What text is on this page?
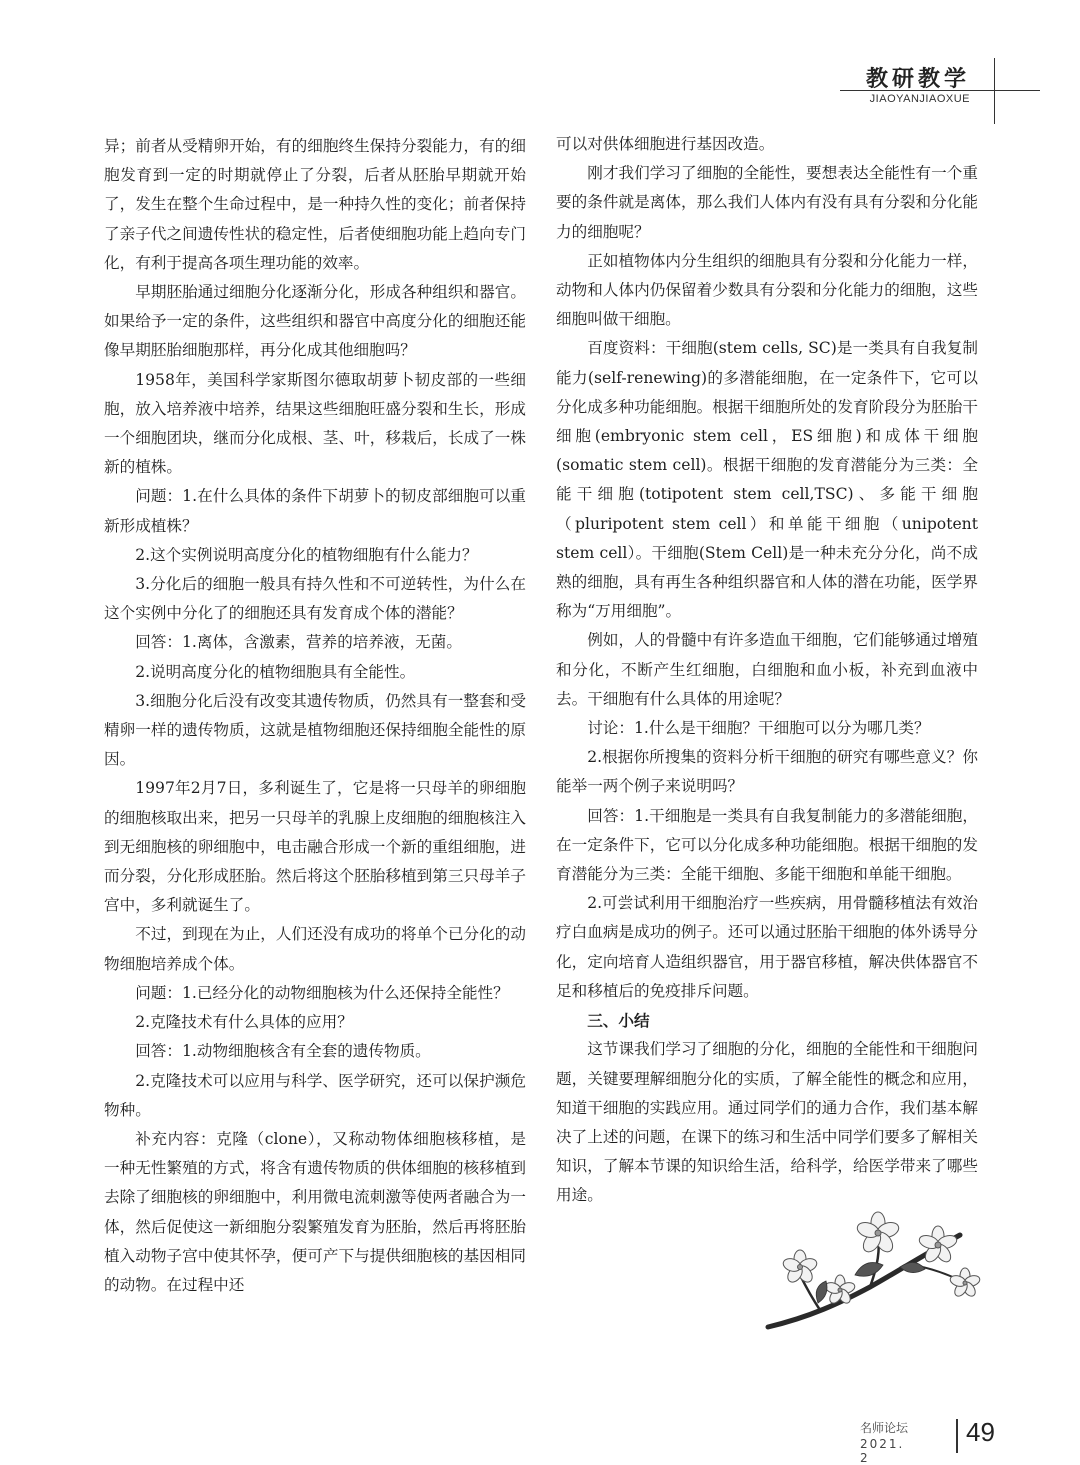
教研教学
JIAOYANJIAOXUE

异；前者从受精卵开始，有的细胞终生保持分裂能力，有的细胞发育到一定的时期就停止了分裂，后者从胚胎早期就开始了，发生在整个生命过程中，是一种持久性的变化；前者保持了亲子代之间遗传性状的稳定性，后者使细胞功能上趋向专门化，有利于提高各项生理功能的效率。

早期胚胎通过细胞分化逐渐分化，形成各种组织和器官。如果给予一定的条件，这些组织和器官中高度分化的细胞还能像早期胚胎细胞那样，再分化成其他细胞吗？

1958年，美国科学家斯图尔德取胡萝卜韧皮部的一些细胞，放入培养液中培养，结果这些细胞旺盛分裂和生长，形成一个细胞团块，继而分化成根、茎、叶，移栽后，长成了一株新的植株。

问题：1.在什么具体的条件下胡萝卜的韧皮部细胞可以重新形成植株？

2.这个实例说明高度分化的植物细胞有什么能力？

3.分化后的细胞一般具有持久性和不可逆转性，为什么在这个实例中分化了的细胞还具有发育成个体的潜能？

回答：1.离体，含激素，营养的培养液，无菌。

2.说明高度分化的植物细胞具有全能性。

3.细胞分化后没有改变其遗传物质，仍然具有一整套和受精卵一样的遗传物质，这就是植物细胞还保持细胞全能性的原因。

1997年2月7日，多利诞生了，它是将一只母羊的卵细胞的细胞核取出来，把另一只母羊的乳腺上皮细胞的细胞核注入到无细胞核的卵细胞中，电击融合形成一个新的重组细胞，进而分裂，分化形成胚胎。然后将这个胚胎移植到第三只母羊子宫中，多利就诞生了。

不过，到现在为止，人们还没有成功的将单个已分化的动物细胞培养成个体。

问题：1.已经分化的动物细胞核为什么还保持全能性？

2.克隆技术有什么具体的应用？

回答：1.动物细胞核含有全套的遗传物质。

2.克隆技术可以应用与科学、医学研究，还可以保护濒危物种。

补充内容：克隆（clone），又称动物体细胞核移植，是一种无性繁殖的方式，将含有遗传物质的供体细胞的核移植到去除了细胞核的卵细胞中，利用微电流刺激等使两者融合为一体，然后促使这一新细胞分裂繁殖发育为胚胎，然后再将胚胎植入动物子宫中使其怀孕，便可产下与提供细胞核的基因相同的动物。在过程中还

可以对供体细胞进行基因改造。

刚才我们学习了细胞的全能性，要想表达全能性有一个重要的条件就是离体，那么我们人体内有没有具有分裂和分化能力的细胞呢？

正如植物体内分生组织的细胞具有分裂和分化能力一样，动物和人体内仍保留着少数具有分裂和分化能力的细胞，这些细胞叫做干细胞。

百度资料：干细胞(stem cells, SC)是一类具有自我复制能力(self-renewing)的多潜能细胞，在一定条件下，它可以分化成多种功能细胞。根据干细胞所处的发育阶段分为胚胎干细胞(embryonic stem cell，ES细胞)和成体干细胞(somatic stem cell)。根据干细胞的发育潜能分为三类：全能干细胞(totipotent stem cell,TSC)、多能干细胞（pluripotent stem cell）和单能干细胞（unipotent stem cell）。干细胞(Stem Cell)是一种未充分分化，尚不成熟的细胞，具有再生各种组织器官和人体的潜在功能，医学界称为“万用细胞”。

例如，人的骨髓中有许多造血干细胞，它们能够通过增殖和分化，不断产生红细胞，白细胞和血小板，补充到血液中去。干细胞有什么具体的用途呢？

讨论：1.什么是干细胞？干细胞可以分为哪几类？

2.根据你所搜集的资料分析干细胞的研究有哪些意义？你能举一两个例子来说明吗？

回答：1.干细胞是一类具有自我复制能力的多潜能细胞，在一定条件下，它可以分化成多种功能细胞。根据干细胞的发育潜能分为三类：全能干细胞、多能干细胞和单能干细胞。

2.可尝试利用干细胞治疗一些疾病，用骨髓移植法有效治疗白血病是成功的例子。还可以通过胚胎干细胞的体外诱导分化，定向培育人造组织器官，用于器官移植，解决供体器官不足和移植后的免疫排斥问题。

三、小结

这节课我们学习了细胞的分化，细胞的全能性和干细胞问题，关键要理解细胞分化的实质，了解全能性的概念和应用，知道干细胞的实践应用。通过同学们的通力合作，我们基本解决了上述的问题，在课下的练习和生活中同学们要多了解相关知识，了解本节课的知识给生活，给科学，给医学带来了哪些用途。

名师论坛
2021. 2
49
